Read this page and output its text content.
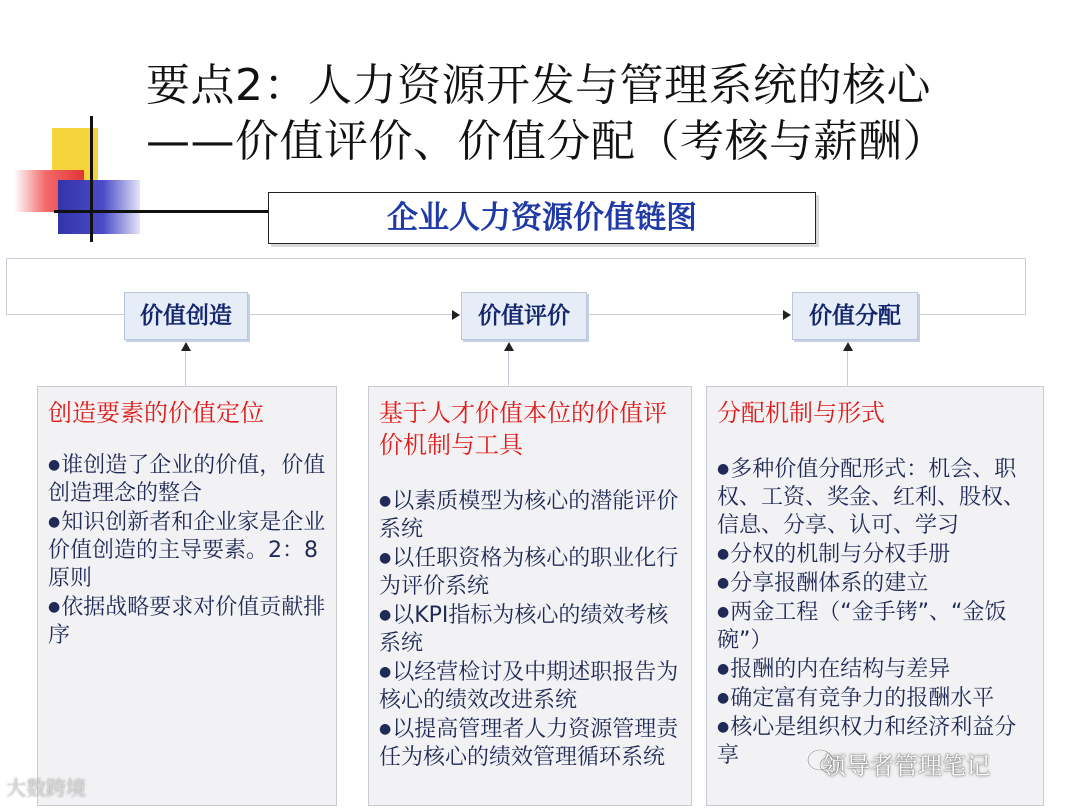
要点2：人力资源开发与管理系统的核心
——价值评价、价值分配（考核与薪酬）
企业人力资源价值链图
价值创造	价值评价	价值分配
创造要素的价值定位
●谁创造了企业的价值，价值创造理念的整合
●知识创新者和企业家是企业价值创造的主导要素。2：8原则
●依据战略要求对价值贡献排序
基于人才价值本位的价值评价机制与工具
●以素质模型为核心的潜能评价系统
●以任职资格为核心的职业化行为评价系统
●以KPI指标为核心的绩效考核系统
●以经营检讨及中期述职报告为核心的绩效改进系统
●以提高管理者人力资源管理责任为核心的绩效管理循环系统
分配机制与形式
●多种价值分配形式：机会、职权、工资、奖金、红利、股权、信息、分享、认可、学习
●分权的机制与分权手册
●分享报酬体系的建立
●两金工程（“金手铐”、“金饭碗”）
●报酬的内在结构与差异
●确定富有竞争力的报酬水平
●核心是组织权力和经济利益分享
大数跨境
领导者管理笔记
